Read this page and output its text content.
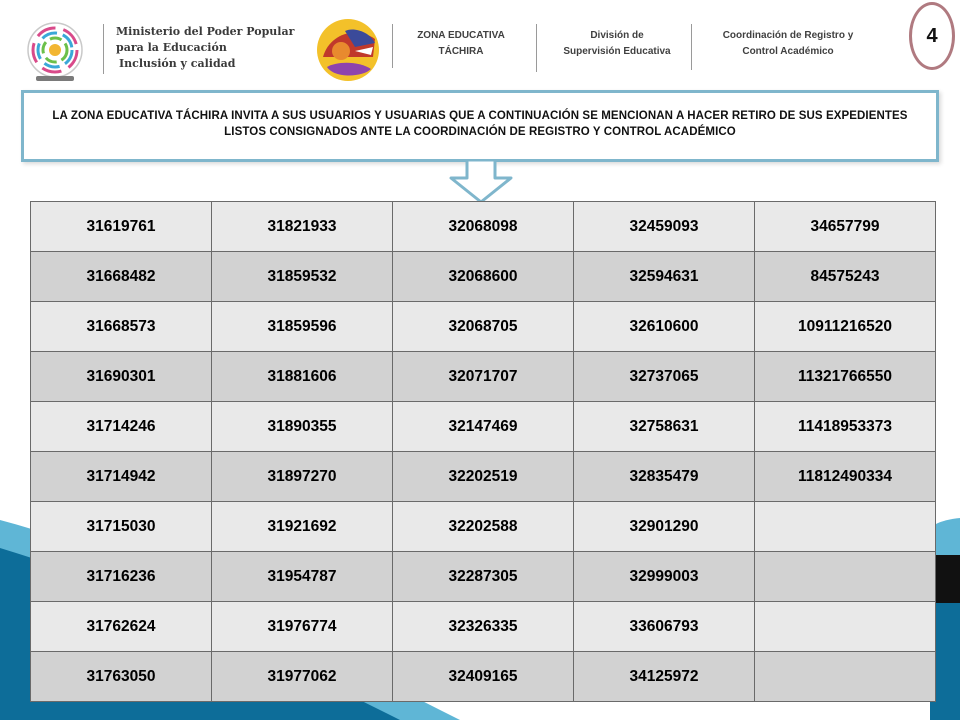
Ministerio del Poder Popular
para la Educación
Inclusión y calidad
ZONA EDUCATIVA
TÁCHIRA
División de
Supervisión Educativa
Coordinación de Registro y
Control Académico
4
LA ZONA EDUCATIVA TÁCHIRA INVITA A SUS USUARIOS Y USUARIAS QUE A CONTINUACIÓN SE MENCIONAN A HACER RETIRO DE SUS EXPEDIENTES LISTOS CONSIGNADOS ANTE LA COORDINACIÓN DE REGISTRO Y CONTROL ACADÉMICO
31619761	31821933	32068098	32459093	34657799
31668482	31859532	32068600	32594631	84575243
31668573	31859596	32068705	32610600	10911216520
31690301	31881606	32071707	32737065	11321766550
31714246	31890355	32147469	32758631	11418953373
31714942	31897270	32202519	32835479	11812490334
31715030	31921692	32202588	32901290	
31716236	31954787	32287305	32999003	
31762624	31976774	32326335	33606793	
31763050	31977062	32409165	34125972	
